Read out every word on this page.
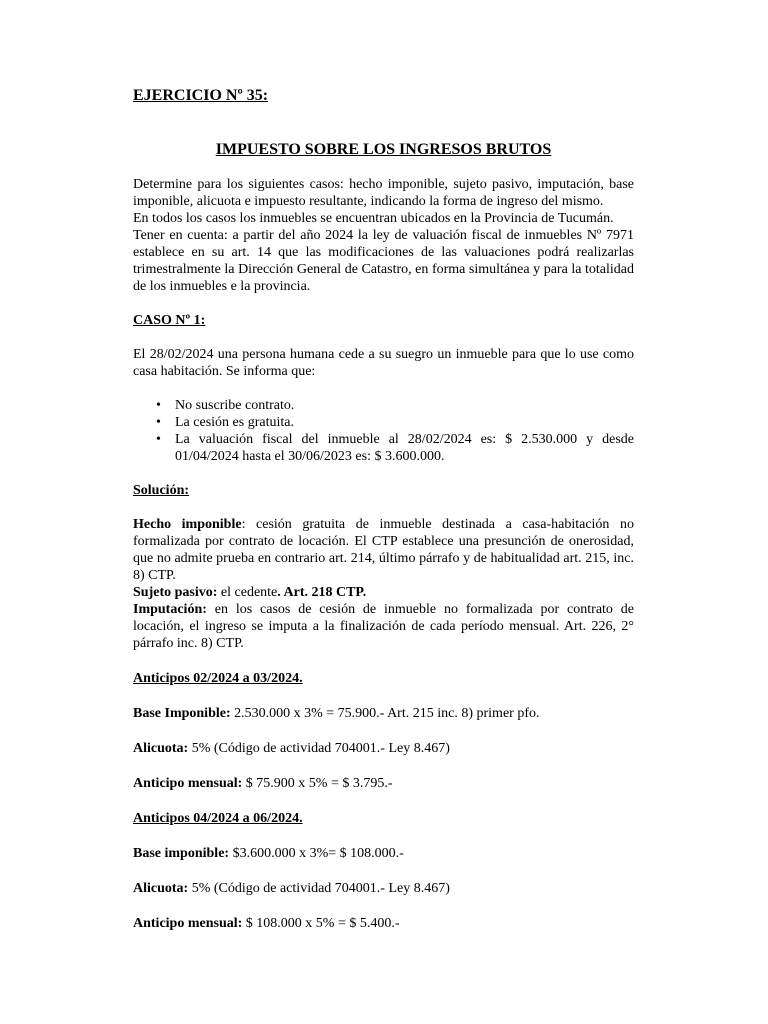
EJERCICIO Nº 35:
IMPUESTO SOBRE LOS INGRESOS BRUTOS

Determine para los siguientes casos: hecho imponible, sujeto pasivo, imputación, base imponible, alicuota e impuesto resultante, indicando la forma de ingreso del mismo.

En todos los casos los inmuebles se encuentran ubicados en la Provincia de Tucumán.

Tener en cuenta: a partir del año 2024 la ley de valuación fiscal de inmuebles Nº 7971 establece en su art. 14 que las modificaciones de las valuaciones podrá realizarlas trimestralmente la Dirección General de Catastro, en forma simultánea y para la totalidad de los inmuebles e la provincia.

CASO Nº 1:

El 28/02/2024 una persona humana cede a su suegro un inmueble para que lo use como casa habitación. Se informa que:

• No suscribe contrato.
• La cesión es gratuita.
• La valuación fiscal del inmueble al 28/02/2024 es: $ 2.530.000 y desde 01/04/2024 hasta el 30/06/2023 es: $ 3.600.000.

Solución:

Hecho imponible: cesión gratuita de inmueble destinada a casa-habitación no formalizada por contrato de locación. El CTP establece una presunción de onerosidad, que no admite prueba en contrario art. 214, último párrafo y de habitualidad art. 215, inc. 8) CTP.

Sujeto pasivo: el cedente. Art. 218 CTP.

Imputación: en los casos de cesión de inmueble no formalizada por contrato de locación, el ingreso se imputa a la finalización de cada período mensual. Art. 226, 2° párrafo inc. 8) CTP.

Anticipos 02/2024 a 03/2024.

Base Imponible: 2.530.000 x 3% = 75.900.- Art. 215 inc. 8) primer pfo.

Alicuota: 5% (Código de actividad 704001.- Ley 8.467)

Anticipo mensual: $ 75.900 x 5% = $ 3.795.-

Anticipos 04/2024 a 06/2024.

Base imponible: $3.600.000 x 3%= $ 108.000.-

Alicuota: 5% (Código de actividad 704001.- Ley 8.467)

Anticipo mensual: $ 108.000 x 5% = $ 5.400.-
